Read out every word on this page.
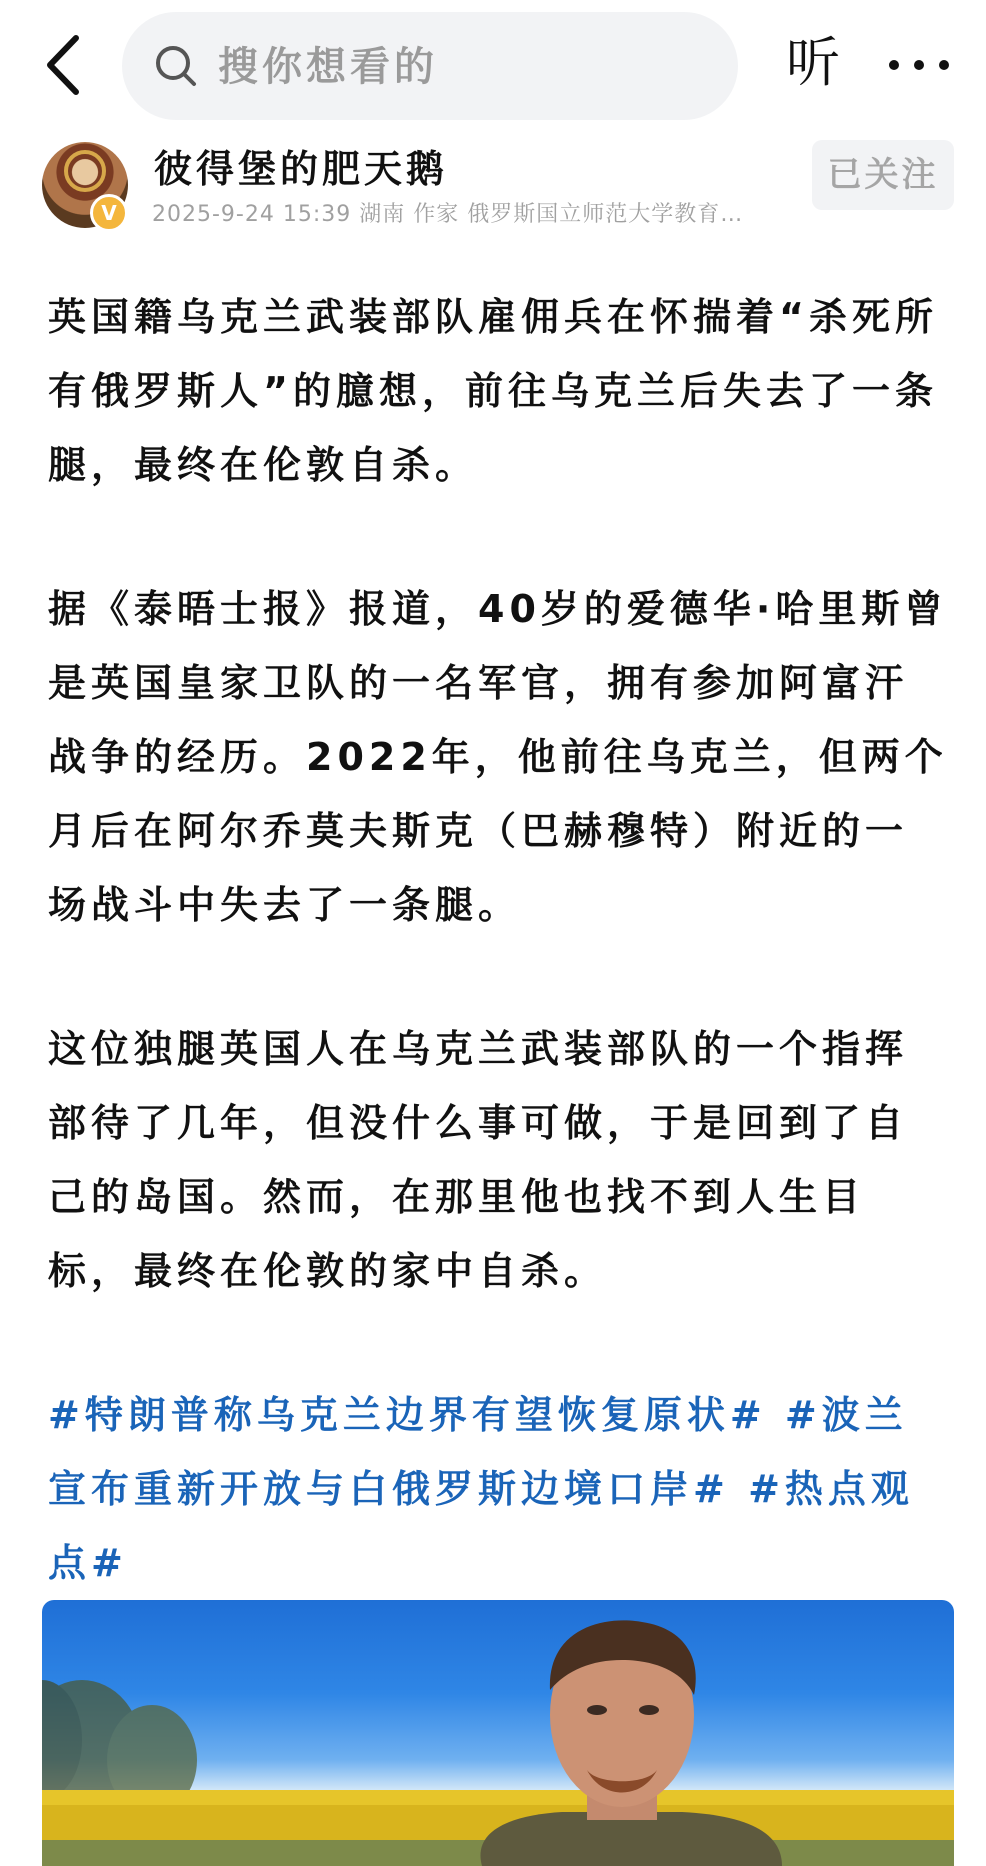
搜你想看的	听
V
彼得堡的肥天鹅
2025-9-24 15:39 湖南 作家 俄罗斯国立师范大学教育…
已关注

英国籍乌克兰武装部队雇佣兵在怀揣着“杀死所有俄罗斯人”的臆想，前往乌克兰后失去了一条腿，最终在伦敦自杀。

据《泰晤士报》报道，40岁的爱德华·哈里斯曾是英国皇家卫队的一名军官，拥有参加阿富汗战争的经历。2022年，他前往乌克兰，但两个月后在阿尔乔莫夫斯克（巴赫穆特）附近的一场战斗中失去了一条腿。

这位独腿英国人在乌克兰武装部队的一个指挥部待了几年，但没什么事可做，于是回到了自己的岛国。然而，在那里他也找不到人生目标，最终在伦敦的家中自杀。

#特朗普称乌克兰边界有望恢复原状# #波兰宣布重新开放与白俄罗斯边境口岸# #热点观点#
